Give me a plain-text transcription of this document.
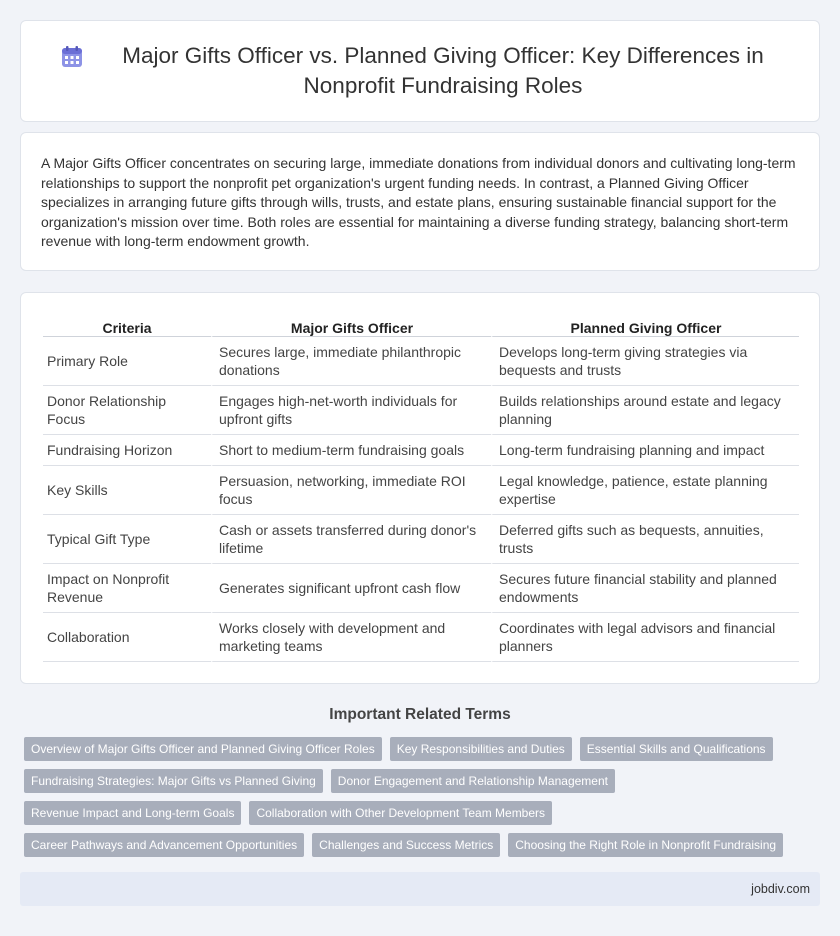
Major Gifts Officer vs. Planned Giving Officer: Key Differences in Nonprofit Fundraising Roles

A Major Gifts Officer concentrates on securing large, immediate donations from individual donors and cultivating long-term relationships to support the nonprofit pet organization's urgent funding needs. In contrast, a Planned Giving Officer specializes in arranging future gifts through wills, trusts, and estate plans, ensuring sustainable financial support for the organization's mission over time. Both roles are essential for maintaining a diverse funding strategy, balancing short-term revenue with long-term endowment growth.

Criteria	Major Gifts Officer	Planned Giving Officer
Primary Role	Secures large, immediate philanthropic donations	Develops long-term giving strategies via bequests and trusts
Donor Relationship Focus	Engages high-net-worth individuals for upfront gifts	Builds relationships around estate and legacy planning
Fundraising Horizon	Short to medium-term fundraising goals	Long-term fundraising planning and impact
Key Skills	Persuasion, networking, immediate ROI focus	Legal knowledge, patience, estate planning expertise
Typical Gift Type	Cash or assets transferred during donor's lifetime	Deferred gifts such as bequests, annuities, trusts
Impact on Nonprofit Revenue	Generates significant upfront cash flow	Secures future financial stability and planned endowments
Collaboration	Works closely with development and marketing teams	Coordinates with legal advisors and financial planners
Important Related Terms
Overview of Major Gifts Officer and Planned Giving Officer Roles	Key Responsibilities and Duties	Essential Skills and Qualifications
Fundraising Strategies: Major Gifts vs Planned Giving	Donor Engagement and Relationship Management
Revenue Impact and Long-term Goals	Collaboration with Other Development Team Members
Career Pathways and Advancement Opportunities	Challenges and Success Metrics	Choosing the Right Role in Nonprofit Fundraising
jobdiv.com
